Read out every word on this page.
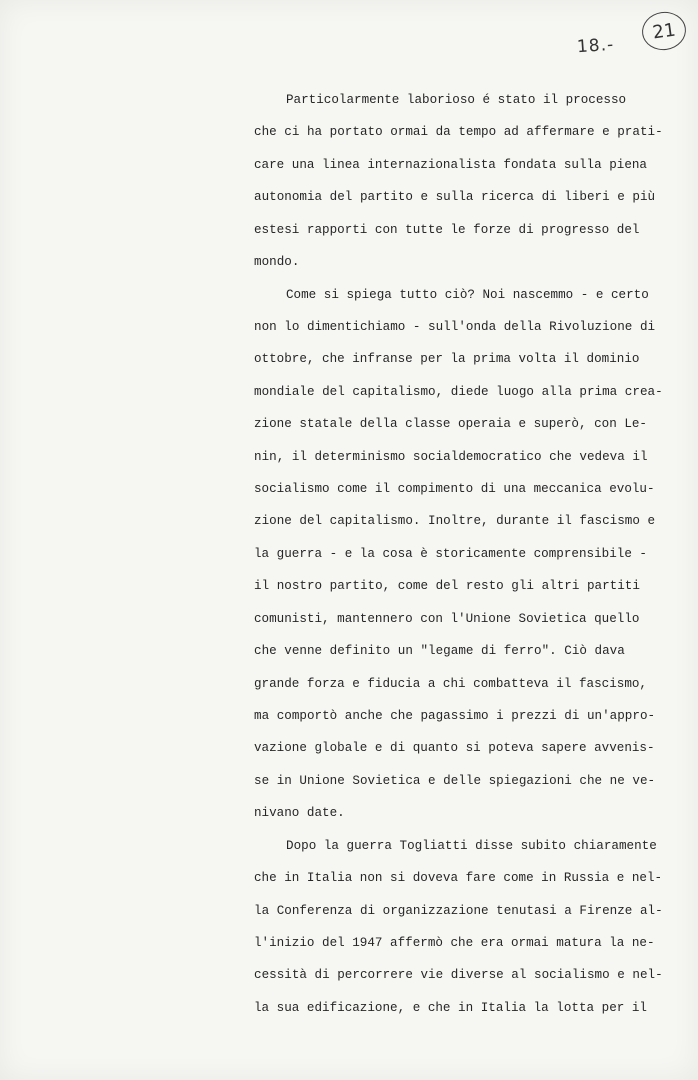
18.-
21
Particolarmente laborioso é stato il processo
che ci ha portato ormai da tempo ad affermare e prati-
care una linea internazionalista fondata sulla piena
autonomia del partito e sulla ricerca di liberi e più
estesi rapporti con tutte le forze di progresso del
mondo.
Come si spiega tutto ciò? Noi nascemmo - e certo
non lo dimentichiamo - sull'onda della Rivoluzione di
ottobre, che infranse per la prima volta il dominio
mondiale del capitalismo, diede luogo alla prima crea-
zione statale della classe operaia e superò, con Le-
nin, il determinismo socialdemocratico che vedeva il
socialismo come il compimento di una meccanica evolu-
zione del capitalismo. Inoltre, durante il fascismo e
la guerra - e la cosa è storicamente comprensibile -
il nostro partito, come del resto gli altri partiti
comunisti, mantennero con l'Unione Sovietica quello
che venne definito un "legame di ferro". Ciò dava
grande forza e fiducia a chi combatteva il fascismo,
ma comportò anche che pagassimo i prezzi di un'appro-
vazione globale e di quanto si poteva sapere avvenis-
se in Unione Sovietica e delle spiegazioni che ne ve-
nivano date.
Dopo la guerra Togliatti disse subito chiaramente
che in Italia non si doveva fare come in Russia e nel-
la Conferenza di organizzazione tenutasi a Firenze al-
l'inizio del 1947 affermò che era ormai matura la ne-
cessità di percorrere vie diverse al socialismo e nel-
la sua edificazione, e che in Italia la lotta per il
